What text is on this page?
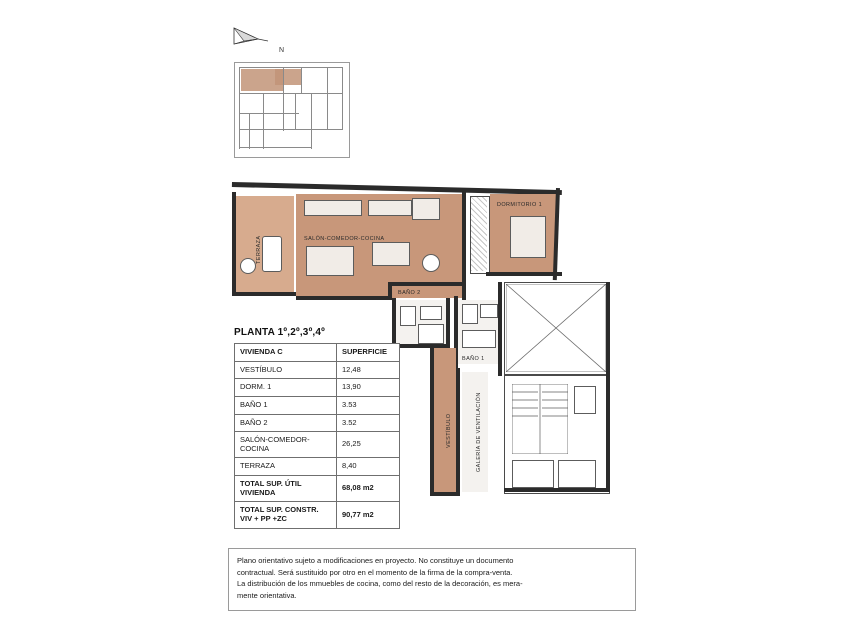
N
TERRAZA	SALÓN-COMEDOR-COCINA
DORMITORIO 1
BAÑO 2
BAÑO 1
VESTÍBULO	GALERÍA DE VENTILACIÓN
PLANTA 1º,2º,3º,4º
VIVIENDA C	SUPERFICIE
VESTÍBULO	12,48
DORM. 1	13,90
BAÑO 1	3.53
BAÑO 2	3.52
SALÓN-COMEDOR-COCINA	26,25
TERRAZA	8,40
TOTAL SUP. ÚTIL VIVIENDA	68,08 m2
TOTAL SUP. CONSTR.
VIV + PP +ZC	90,77 m2

Plano orientativo sujeto a modificaciones en proyecto. No constituye un documento

contractual. Será sustituido por otro en el momento de la firma de la compra-venta.

La distribución de los mmuebles de cocina, como del resto de la decoración, es mera-

mente orientativa.
